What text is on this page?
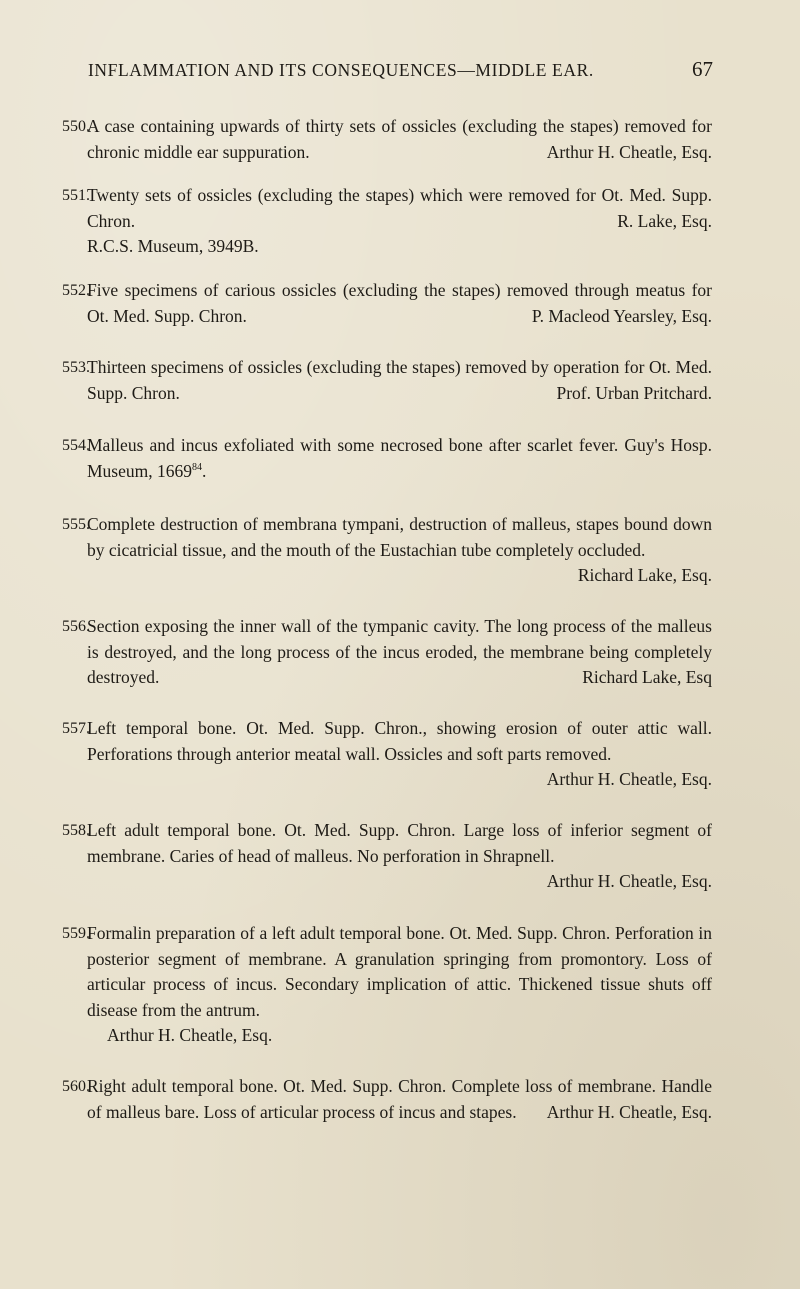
INFLAMMATION AND ITS CONSEQUENCES—MIDDLE EAR.	67
550.
A case containing upwards of thirty sets of ossicles (excluding the stapes) removed for chronic middle ear suppuration.	Arthur H. Cheatle, Esq.
551.
Twenty sets of ossicles (excluding the stapes) which were removed for Ot. Med. Supp. Chron.	R. Lake, Esq.

R.C.S. Museum, 3949B.
552.
Five specimens of carious ossicles (excluding the stapes) removed through meatus for Ot. Med. Supp. Chron.	P. Macleod Yearsley, Esq.
553.
Thirteen specimens of ossicles (excluding the stapes) removed by operation for Ot. Med. Supp. Chron.	Prof. Urban Pritchard.
554.
Malleus and incus exfoliated with some necrosed bone after scarlet fever. Guy's Hosp. Museum, 1669$^{84}$.
555.
Complete destruction of membrana tympani, destruction of malleus, stapes bound down by cicatricial tissue, and the mouth of the Eustachian tube completely occluded.
Richard Lake, Esq.
556.
Section exposing the inner wall of the tympanic cavity. The long process of the malleus is destroyed, and the long process of the incus eroded, the membrane being completely destroyed.	Richard Lake, Esq
557.
Left temporal bone. Ot. Med. Supp. Chron., showing erosion of outer attic wall. Perforations through anterior meatal wall. Ossicles and soft parts removed.
Arthur H. Cheatle, Esq.
558.
Left adult temporal bone. Ot. Med. Supp. Chron. Large loss of inferior segment of membrane. Caries of head of malleus. No perforation in Shrapnell.
Arthur H. Cheatle, Esq.
559.
Formalin preparation of a left adult temporal bone. Ot. Med. Supp. Chron. Perforation in posterior segment of membrane. A granulation springing from promontory. Loss of articular process of incus. Secondary implication of attic. Thickened tissue shuts off disease from the antrum.
Arthur H. Cheatle, Esq.
560.
Right adult temporal bone. Ot. Med. Supp. Chron. Complete loss of membrane. Handle of malleus bare. Loss of articular process of incus and stapes. Arthur H. Cheatle, Esq.
